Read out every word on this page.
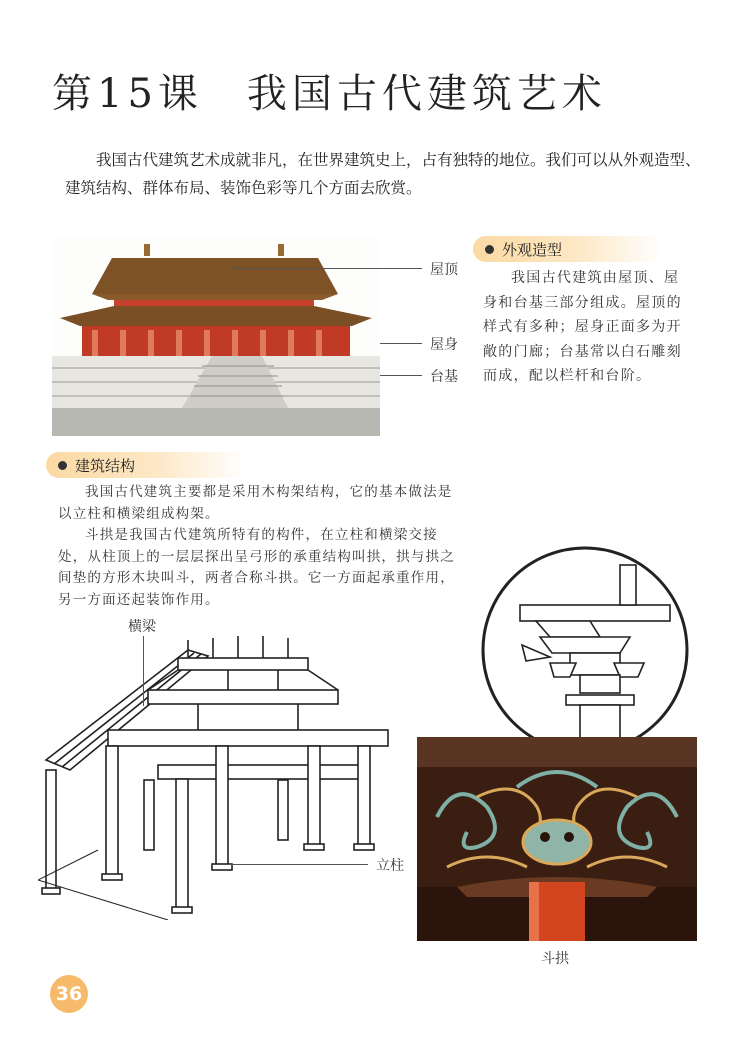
第15课 我国古代建筑艺术
我国古代建筑艺术成就非凡，在世界建筑史上，占有独特的地位。我们可以从外观造型、建筑结构、群体布局、装饰色彩等几个方面去欣赏。
屋顶
屋身
台基
外观造型
我国古代建筑由屋顶、屋身和台基三部分组成。屋顶的样式有多种；屋身正面多为开敞的门廊；台基常以白石雕刻而成，配以栏杆和台阶。
建筑结构

我国古代建筑主要都是采用木构架结构，它的基本做法是以立柱和横梁组成构架。

斗拱是我国古代建筑所特有的构件，在立柱和横梁交接处，从柱顶上的一层层探出呈弓形的承重结构叫拱，拱与拱之间垫的方形木块叫斗，两者合称斗拱。它一方面起承重作用，另一方面还起装饰作用。

横梁
立柱
斗拱
36
